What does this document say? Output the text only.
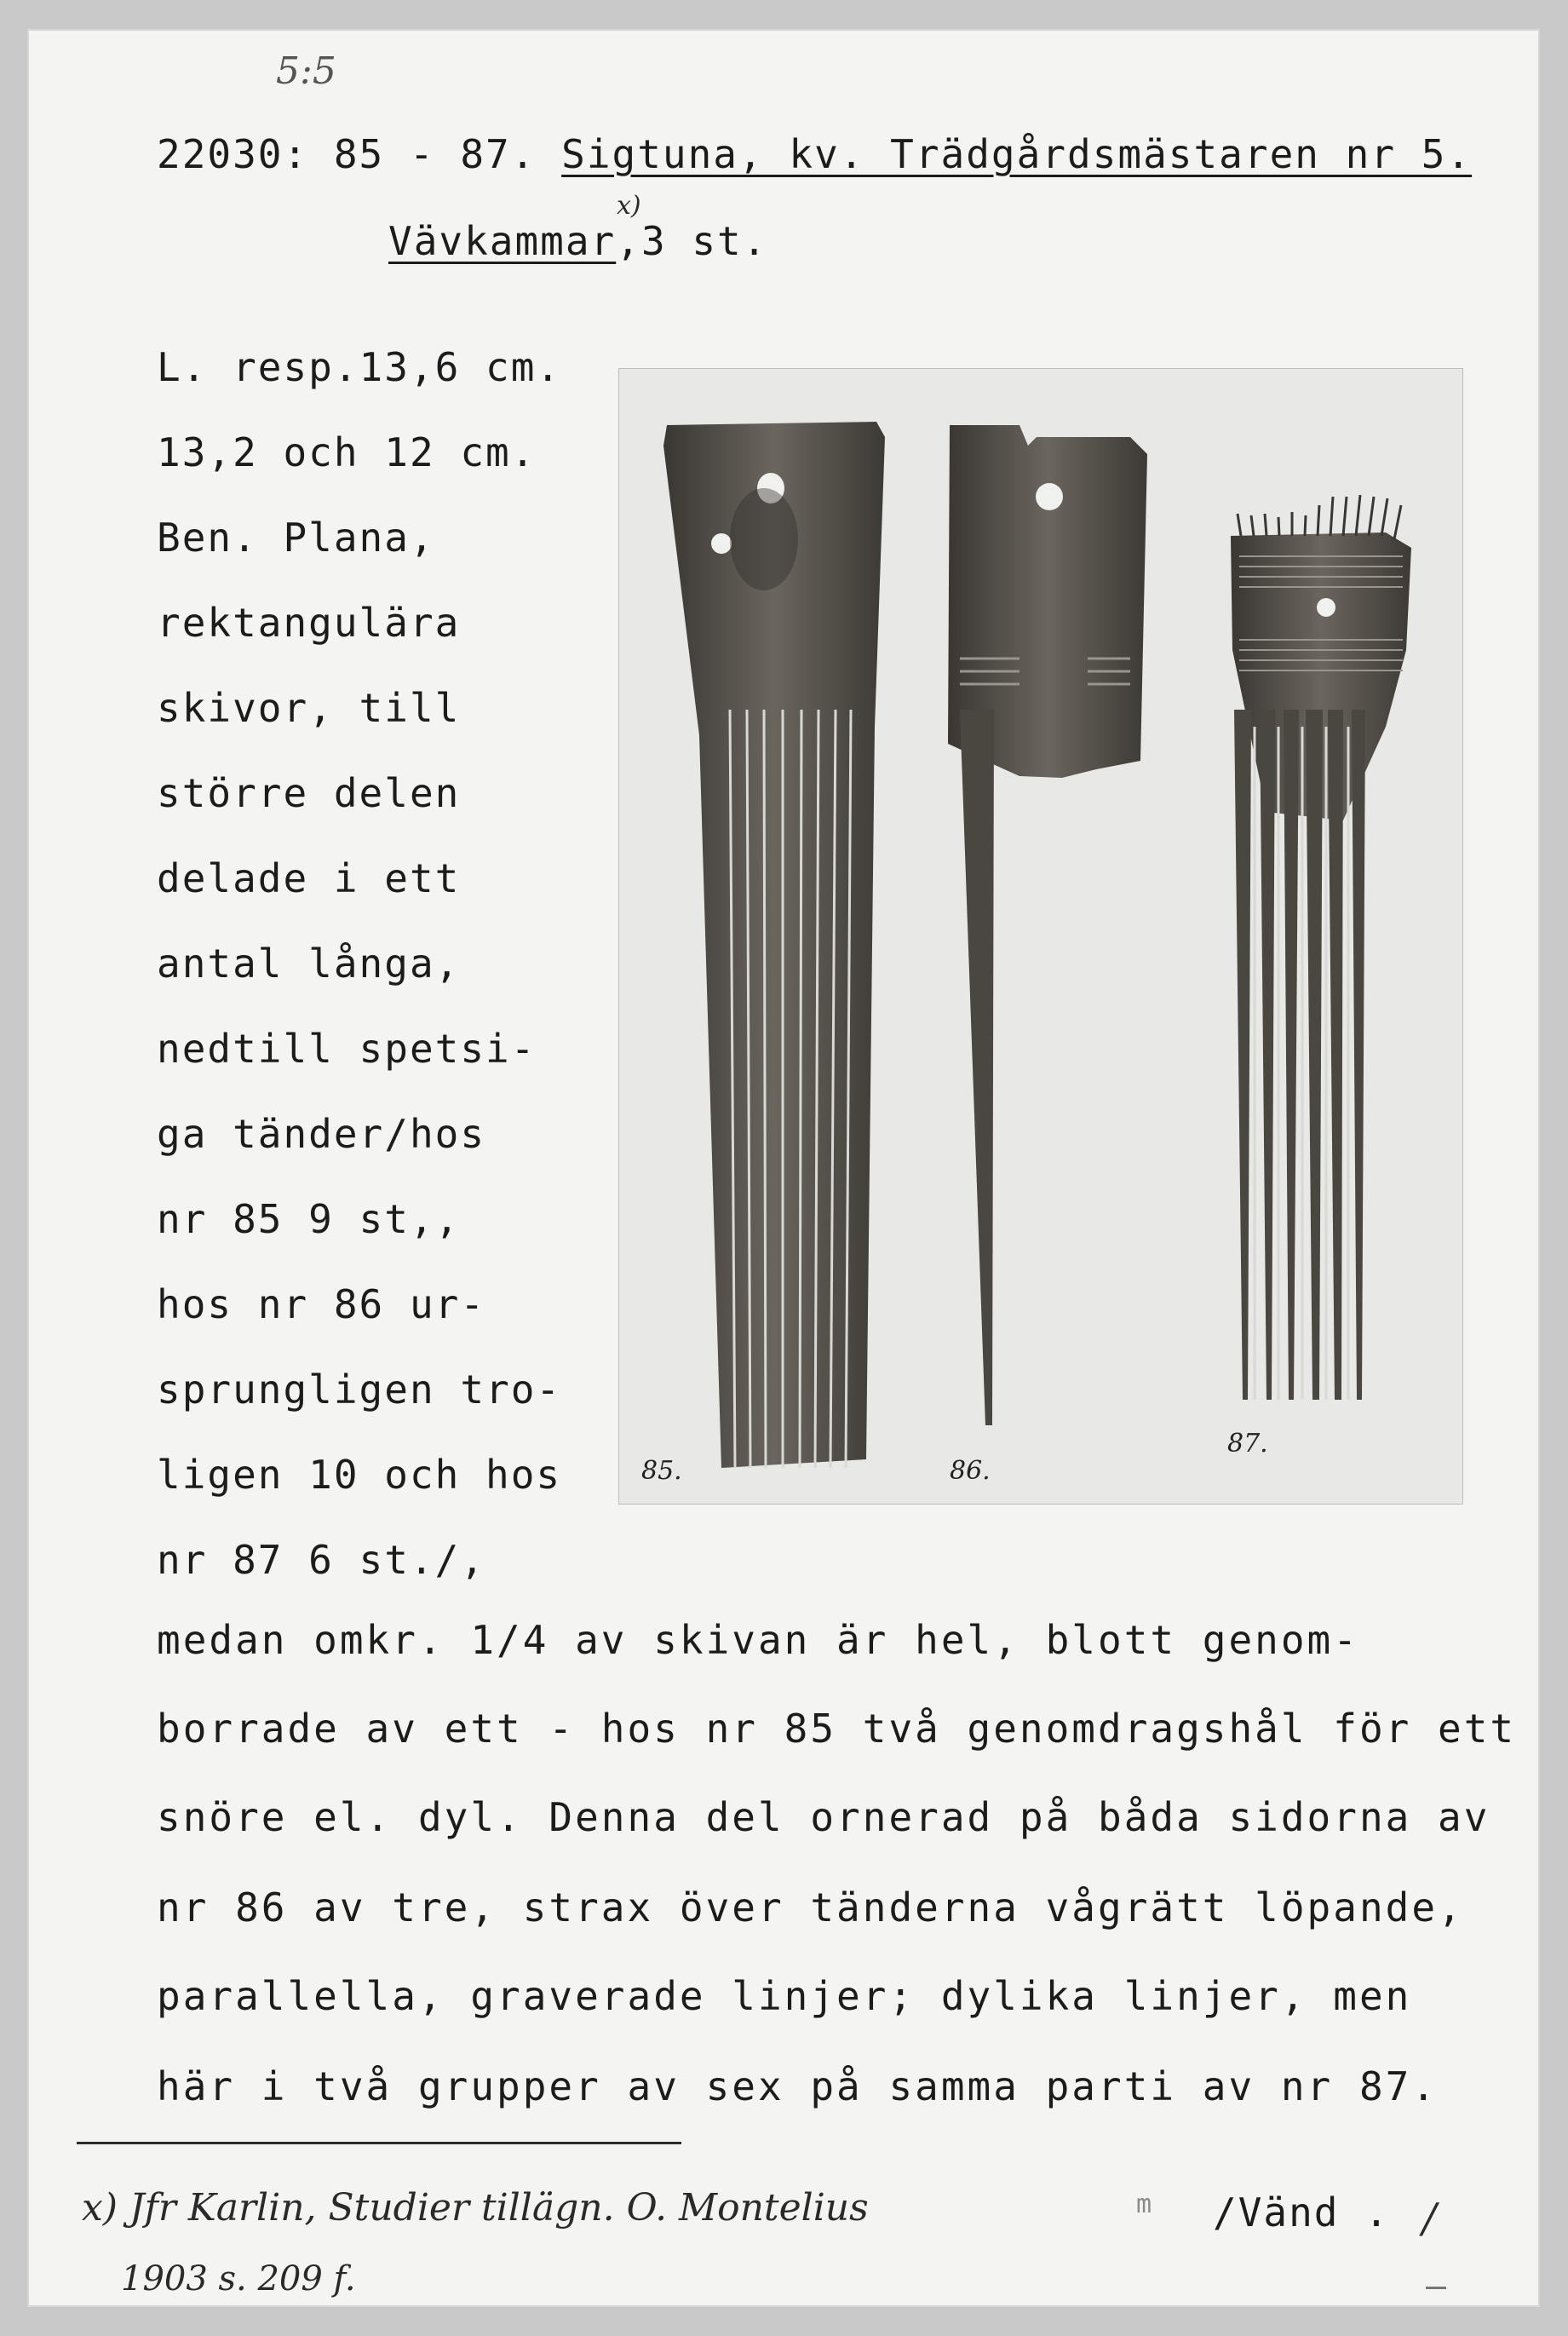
5:5
22030: 85 - 87. Sigtuna, kv. Trädgårdsmästaren nr 5.
Vävkammar,3 st.
x)
L. resp.13,6 cm.
13,2 och 12 cm.
Ben. Plana,
rektangulära
skivor, till
större delen
delade i ett
antal långa,
nedtill spetsi-
ga tänder/hos
nr 85 9 st,,
hos nr 86 ur-
sprungligen tro-
ligen 10 och hos
nr 87 6 st./,
85.	86.
87.
medan omkr. 1/4 av skivan är hel, blott genom-
borrade av ett - hos nr 85 två genomdragshål för ett
snöre el. dyl. Denna del ornerad på båda sidorna av
nr 86 av tre, strax över tänderna vågrätt löpande,
parallella, graverade linjer; dylika linjer, men
här i två grupper av sex på samma parti av nr 87.
x) Jfr Karlin, Studier tillägn. O. Montelius
1903 s. 209 f.
m /Vänd . /
